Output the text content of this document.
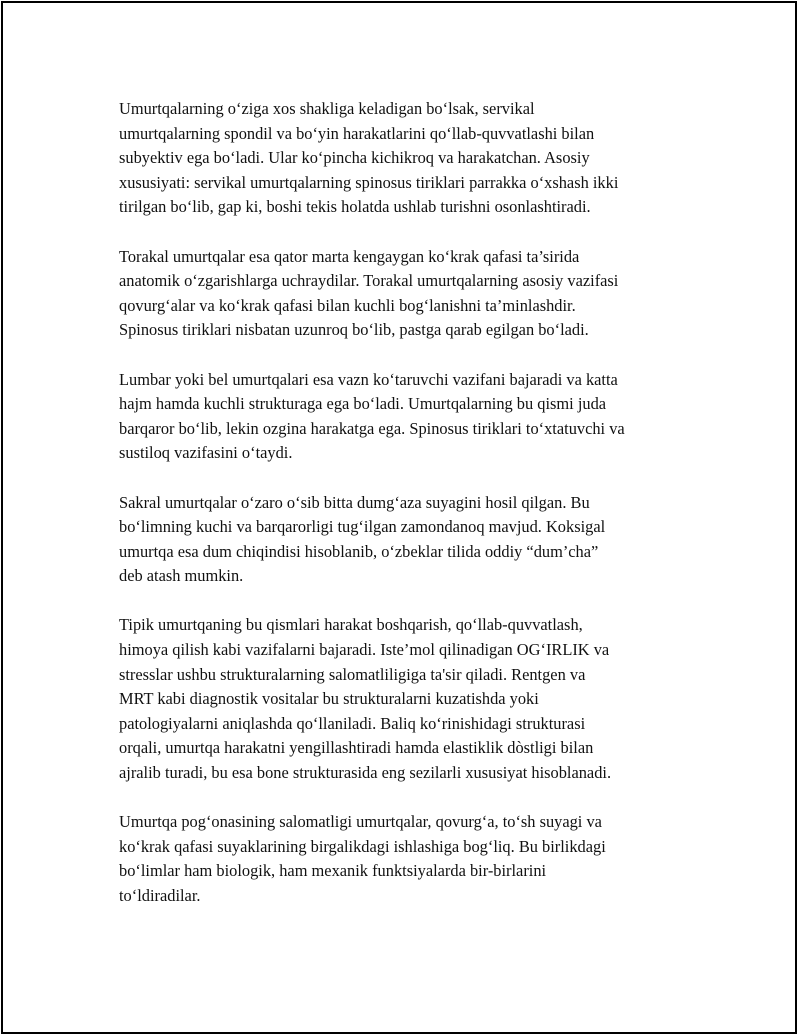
Umurtqalarning o‘ziga xos shakliga keladigan bo‘lsak, servikal
umurtqalarning spondil va bo‘yin harakatlarini qo‘llab-quvvatlashi bilan
subyektiv ega bo‘ladi. Ular ko‘pincha kichikroq va harakatchan. Asosiy
xususiyati: servikal umurtqalarning spinosus tiriklari parrakka o‘xshash ikki
tirilgan bo‘lib, gap ki, boshi tekis holatda ushlab turishni osonlashtiradi.

Torakal umurtqalar esa qator marta kengaygan ko‘krak qafasi ta’sirida
anatomik o‘zgarishlarga uchraydilar. Torakal umurtqalarning asosiy vazifasi
qovurg‘alar va ko‘krak qafasi bilan kuchli bog‘lanishni ta’minlashdir.
Spinosus tiriklari nisbatan uzunroq bo‘lib, pastga qarab egilgan bo‘ladi.

Lumbar yoki bel umurtqalari esa vazn ko‘taruvchi vazifani bajaradi va katta
hajm hamda kuchli strukturaga ega bo‘ladi. Umurtqalarning bu qismi juda
barqaror bo‘lib, lekin ozgina harakatga ega. Spinosus tiriklari to‘xtatuvchi va
sustiloq vazifasini o‘taydi.

Sakral umurtqalar o‘zaro o‘sib bitta dumg‘aza suyagini hosil qilgan. Bu
bo‘limning kuchi va barqarorligi tug‘ilgan zamondanoq mavjud. Koksigal
umurtqa esa dum chiqindisi hisoblanib, o‘zbeklar tilida oddiy “dum’cha”
deb atash mumkin.

Tipik umurtqaning bu qismlari harakat boshqarish, qo‘llab-quvvatlash,
himoya qilish kabi vazifalarni bajaradi. Iste’mol qilinadigan OG‘IRLIK va
stresslar ushbu strukturalarning salomatliligiga ta'sir qiladi. Rentgen va
MRT kabi diagnostik vositalar bu strukturalarni kuzatishda yoki
patologiyalarni aniqlashda qo‘llaniladi. Baliq ko‘rinishidagi strukturasi
orqali, umurtqa harakatni yengillashtiradi hamda elastiklik dòstligi bilan
ajralib turadi, bu esa bone strukturasida eng sezilarli xususiyat hisoblanadi.

Umurtqa pog‘onasining salomatligi umurtqalar, qovurg‘a, to‘sh suyagi va
ko‘krak qafasi suyaklarining birgalikdagi ishlashiga bog‘liq. Bu birlikdagi
bo‘limlar ham biologik, ham mexanik funktsiyalarda bir-birlarini
to‘ldiradilar.
